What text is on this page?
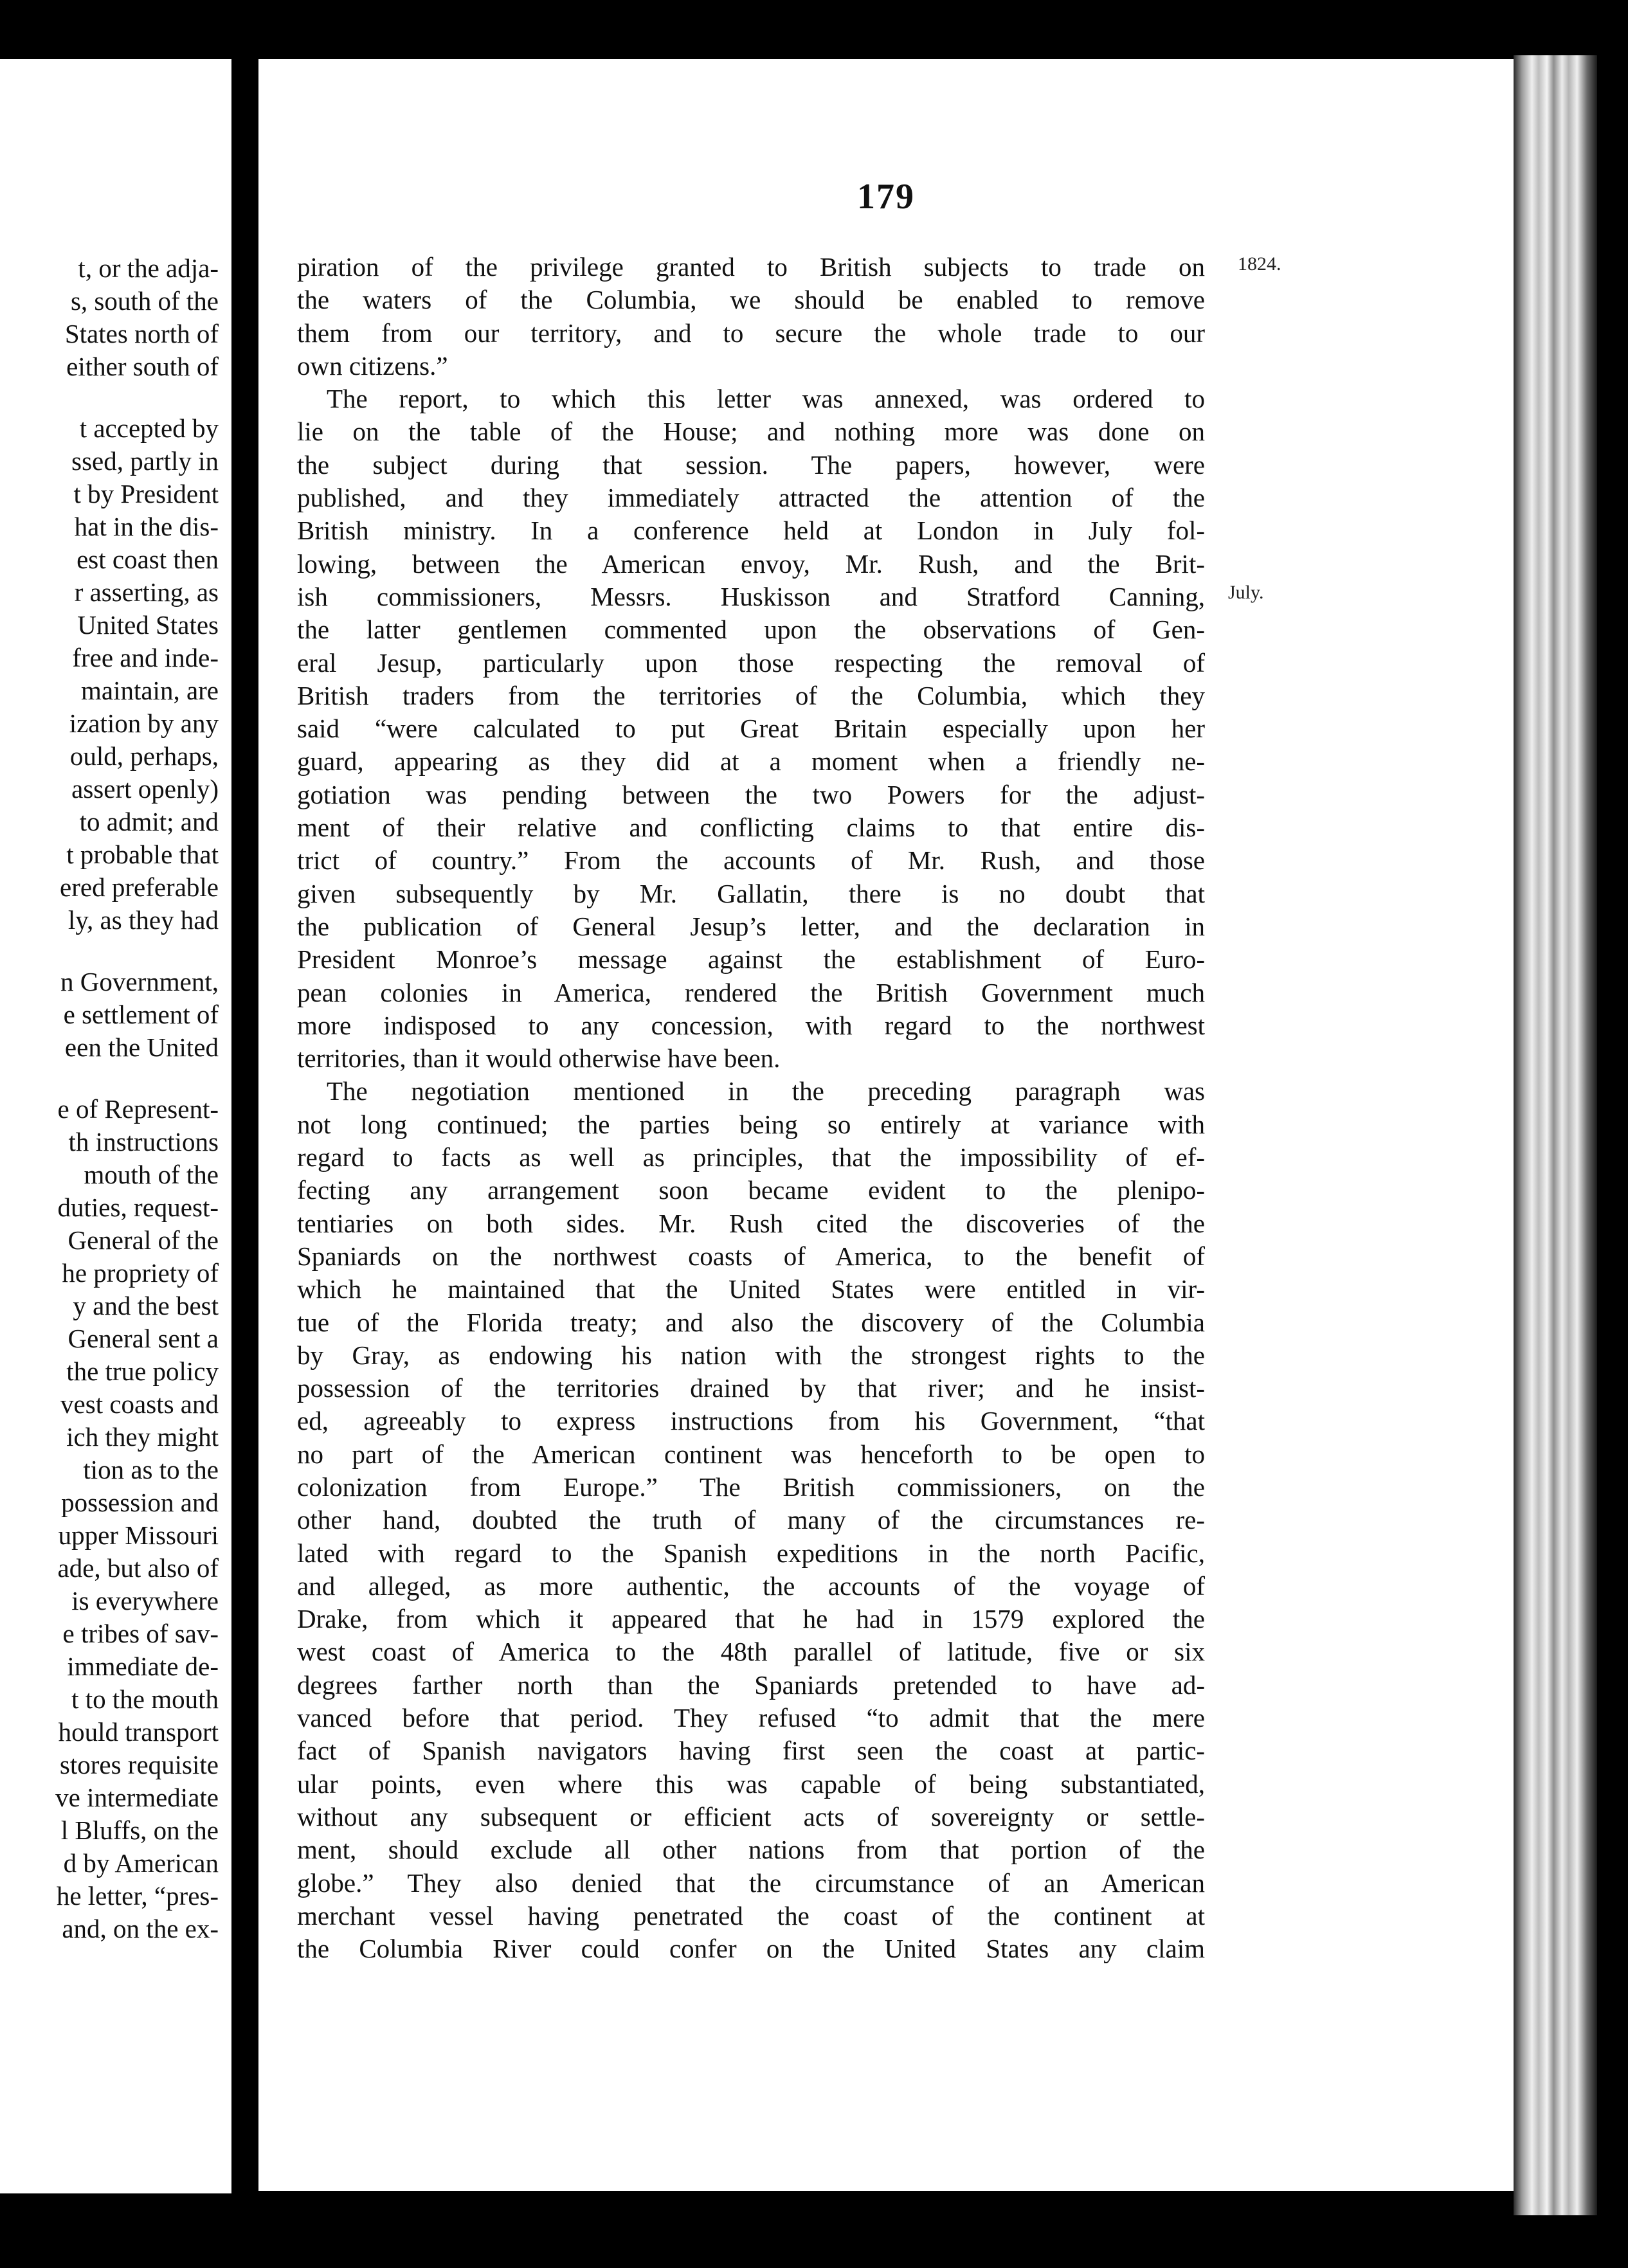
t, or the adja-
s, south of the
States north of
either south of
t accepted by
ssed, partly in
t by President
hat in the dis-
est coast then
r asserting, as
United States
free and inde-
maintain, are
ization by any
ould, perhaps,
assert openly)
to admit; and
t probable that
ered preferable
ly, as they had
n Government,
e settlement of
een the United
e of Represent-
th instructions
mouth of the
duties, request-
General of the
he propriety of
y and the best
General sent a
the true policy
vest coasts and
ich they might
tion as to the
possession and
upper Missouri
ade, but also of
is everywhere
e tribes of sav-
immediate de-
t to the mouth
hould transport
stores requisite
ve intermediate
l Bluffs, on the
d by American
he letter, “pres-
and, on the ex-
179
1824.
July.
piration of the privilege granted to British subjects to trade on
the waters of the Columbia, we should be enabled to remove
them from our territory, and to secure the whole trade to our
own citizens.”
The report, to which this letter was annexed, was ordered to
lie on the table of the House; and nothing more was done on
the subject during that session. The papers, however, were
published, and they immediately attracted the attention of the
British ministry. In a conference held at London in July fol-
lowing, between the American envoy, Mr. Rush, and the Brit-
ish commissioners, Messrs. Huskisson and Stratford Canning,
the latter gentlemen commented upon the observations of Gen-
eral Jesup, particularly upon those respecting the removal of
British traders from the territories of the Columbia, which they
said “were calculated to put Great Britain especially upon her
guard, appearing as they did at a moment when a friendly ne-
gotiation was pending between the two Powers for the adjust-
ment of their relative and conflicting claims to that entire dis-
trict of country.” From the accounts of Mr. Rush, and those
given subsequently by Mr. Gallatin, there is no doubt that
the publication of General Jesup’s letter, and the declaration in
President Monroe’s message against the establishment of Euro-
pean colonies in America, rendered the British Government much
more indisposed to any concession, with regard to the northwest
territories, than it would otherwise have been.
The negotiation mentioned in the preceding paragraph was
not long continued; the parties being so entirely at variance with
regard to facts as well as principles, that the impossibility of ef-
fecting any arrangement soon became evident to the plenipo-
tentiaries on both sides. Mr. Rush cited the discoveries of the
Spaniards on the northwest coasts of America, to the benefit of
which he maintained that the United States were entitled in vir-
tue of the Florida treaty; and also the discovery of the Columbia
by Gray, as endowing his nation with the strongest rights to the
possession of the territories drained by that river; and he insist-
ed, agreeably to express instructions from his Government, “that
no part of the American continent was henceforth to be open to
colonization from Europe.” The British commissioners, on the
other hand, doubted the truth of many of the circumstances re-
lated with regard to the Spanish expeditions in the north Pacific,
and alleged, as more authentic, the accounts of the voyage of
Drake, from which it appeared that he had in 1579 explored the
west coast of America to the 48th parallel of latitude, five or six
degrees farther north than the Spaniards pretended to have ad-
vanced before that period. They refused “to admit that the mere
fact of Spanish navigators having first seen the coast at partic-
ular points, even where this was capable of being substantiated,
without any subsequent or efficient acts of sovereignty or settle-
ment, should exclude all other nations from that portion of the
globe.” They also denied that the circumstance of an American
merchant vessel having penetrated the coast of the continent at
the Columbia River could confer on the United States any claim
